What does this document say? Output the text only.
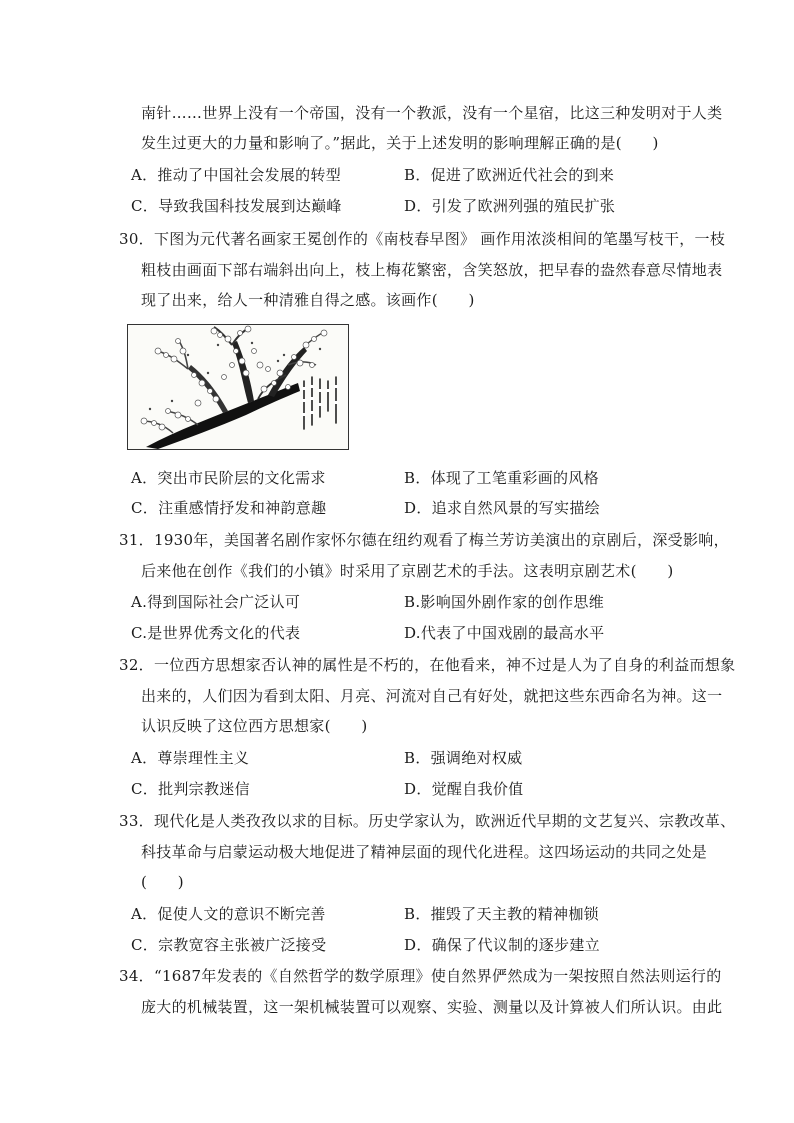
南针……世界上没有一个帝国，没有一个教派，没有一个星宿，比这三种发明对于人类
发生过更大的力量和影响了。”据此，关于上述发明的影响理解正确的是(　　)
A．推动了中国社会发展的转型	B．促进了欧洲近代社会的到来
C．导致我国科技发展到达巅峰	D．引发了欧洲列强的殖民扩张
30．下图为元代著名画家王冕创作的《南枝春早图》 画作用浓淡相间的笔墨写枝干，一枝
粗枝由画面下部右端斜出向上，枝上梅花繁密，含笑怒放，把早春的盎然春意尽情地表
现了出来，给人一种清雅自得之感。该画作(　　)
A．突出市民阶层的文化需求	B．体现了工笔重彩画的风格
C．注重感情抒发和神韵意趣	D．追求自然风景的写实描绘
31．1930年，美国著名剧作家怀尔德在纽约观看了梅兰芳访美演出的京剧后，深受影响，
后来他在创作《我们的小镇》时采用了京剧艺术的手法。这表明京剧艺术(　　)
A.得到国际社会广泛认可	B.影响国外剧作家的创作思维
C.是世界优秀文化的代表	D.代表了中国戏剧的最高水平
32．一位西方思想家否认神的属性是不朽的，在他看来，神不过是人为了自身的利益而想象
出来的，人们因为看到太阳、月亮、河流对自己有好处，就把这些东西命名为神。这一
认识反映了这位西方思想家(　　)
A．尊崇理性主义	B．强调绝对权威
C．批判宗教迷信	D．觉醒自我价值
33．现代化是人类孜孜以求的目标。历史学家认为，欧洲近代早期的文艺复兴、宗教改革、
科技革命与启蒙运动极大地促进了精神层面的现代化进程。这四场运动的共同之处是
(　　)
A．促使人文的意识不断完善	B．摧毁了天主教的精神枷锁
C．宗教宽容主张被广泛接受	D．确保了代议制的逐步建立
34．“1687年发表的《自然哲学的数学原理》使自然界俨然成为一架按照自然法则运行的
庞大的机械装置，这一架机械装置可以观察、实验、测量以及计算被人们所认识。由此
